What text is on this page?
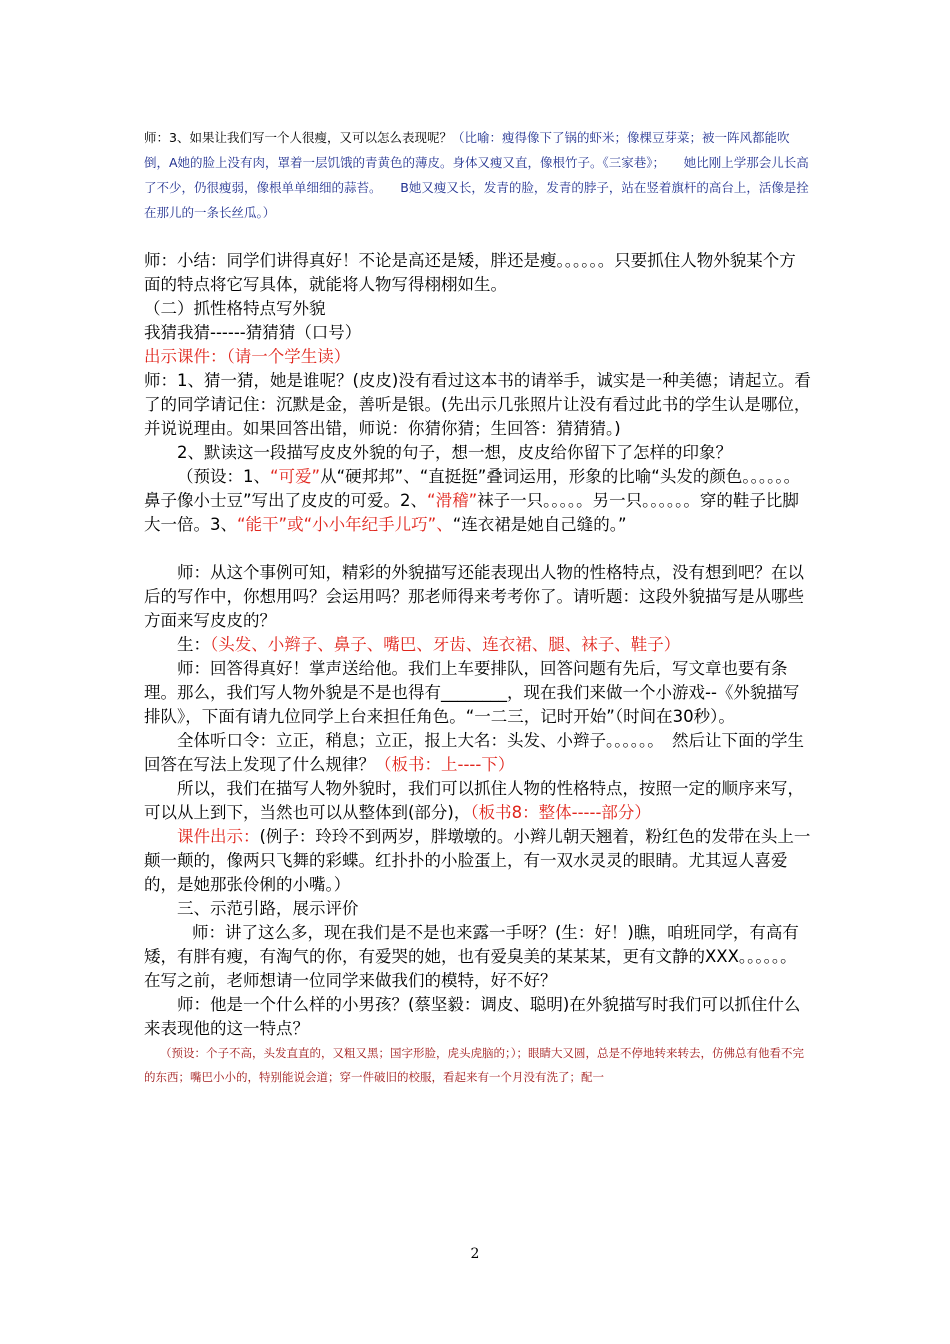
师：3、如果让我们写一个人很瘦，又可以怎么表现呢？（比喻：瘦得像下了锅的虾米；像棵豆芽菜；被一阵风都能吹倒，A她的脸上没有肉，罩着一层饥饿的青黄色的薄皮。身体又瘦又直，像根竹子。《三家巷》；　　她比刚上学那会儿长高了不少，仍很瘦弱，像根单单细细的蒜苔。　　B她又瘦又长，发青的脸，发青的脖子，站在竖着旗杆的高台上，活像是拴在那儿的一条长丝瓜。）

师：小结：同学们讲得真好！不论是高还是矮，胖还是瘦。。。。。。只要抓住人物外貌某个方面的特点将它写具体，就能将人物写得栩栩如生。

（二）抓性格特点写外貌

我猜我猜------猜猜猜（口号）

出示课件：（请一个学生读）

师：1、猜一猜，她是谁呢？(皮皮)没有看过这本书的请举手，诚实是一种美德；请起立。看了的同学请记住：沉默是金，善听是银。(先出示几张照片让没有看过此书的学生认是哪位，并说说理由。如果回答出错，师说：你猜你猜；生回答：猜猜猜。)

2、默读这一段描写皮皮外貌的句子，想一想，皮皮给你留下了怎样的印象？

（预设：1、“可爱”从“硬邦邦”、“直挺挺”叠词运用，形象的比喻“头发的颜色。。。。。。鼻子像小士豆”写出了皮皮的可爱。2、“滑稽”袜子一只。。。。。另一只。。。。。。穿的鞋子比脚大一倍。3、“能干”或“小小年纪手儿巧”、“连衣裙是她自己缝的。”

师：从这个事例可知，精彩的外貌描写还能表现出人物的性格特点，没有想到吧？在以后的写作中，你想用吗？会运用吗？那老师得来考考你了。请听题：这段外貌描写是从哪些方面来写皮皮的？

生：（头发、小辫子、鼻子、嘴巴、牙齿、连衣裙、腿、袜子、鞋子）

师：回答得真好！掌声送给他。我们上车要排队，回答问题有先后，写文章也要有条理。那么，我们写人物外貌是不是也得有________，现在我们来做一个小游戏--《外貌描写排队》，下面有请九位同学上台来担任角色。“一二三，记时开始”（时间在30秒）。

全体听口令：立正，稍息；立正，报上大名：头发、小辫子。。。。。。　然后让下面的学生回答在写法上发现了什么规律？（板书：上----下）

所以，我们在描写人物外貌时，我们可以抓住人物的性格特点，按照一定的顺序来写，可以从上到下，当然也可以从整体到(部分)，（板书8：整体-----部分）

课件出示：(例子：玲玲不到两岁，胖墩墩的。小辫儿朝天翘着，粉红色的发带在头上一颠一颠的，像两只飞舞的彩蝶。红扑扑的小脸蛋上，有一双水灵灵的眼睛。尤其逗人喜爱的，是她那张伶俐的小嘴。）

三、示范引路，展示评价

师：讲了这么多，现在我们是不是也来露一手呀？(生：好！)瞧，咱班同学，有高有矮，有胖有瘦，有淘气的你，有爱哭的她，也有爱臭美的某某某，更有文静的XXX。。。。。。在写之前，老师想请一位同学来做我们的模特，好不好？

师：他是一个什么样的小男孩？(蔡坚毅：调皮、聪明)在外貌描写时我们可以抓住什么来表现他的这一特点？

（预设：个子不高，头发直直的，又粗又黑；国字形脸，虎头虎脑的；）；眼睛大又圆，总是不停地转来转去，仿佛总有他看不完的东西；嘴巴小小的，特别能说会道；穿一件破旧的校服，看起来有一个月没有洗了；配一

2
